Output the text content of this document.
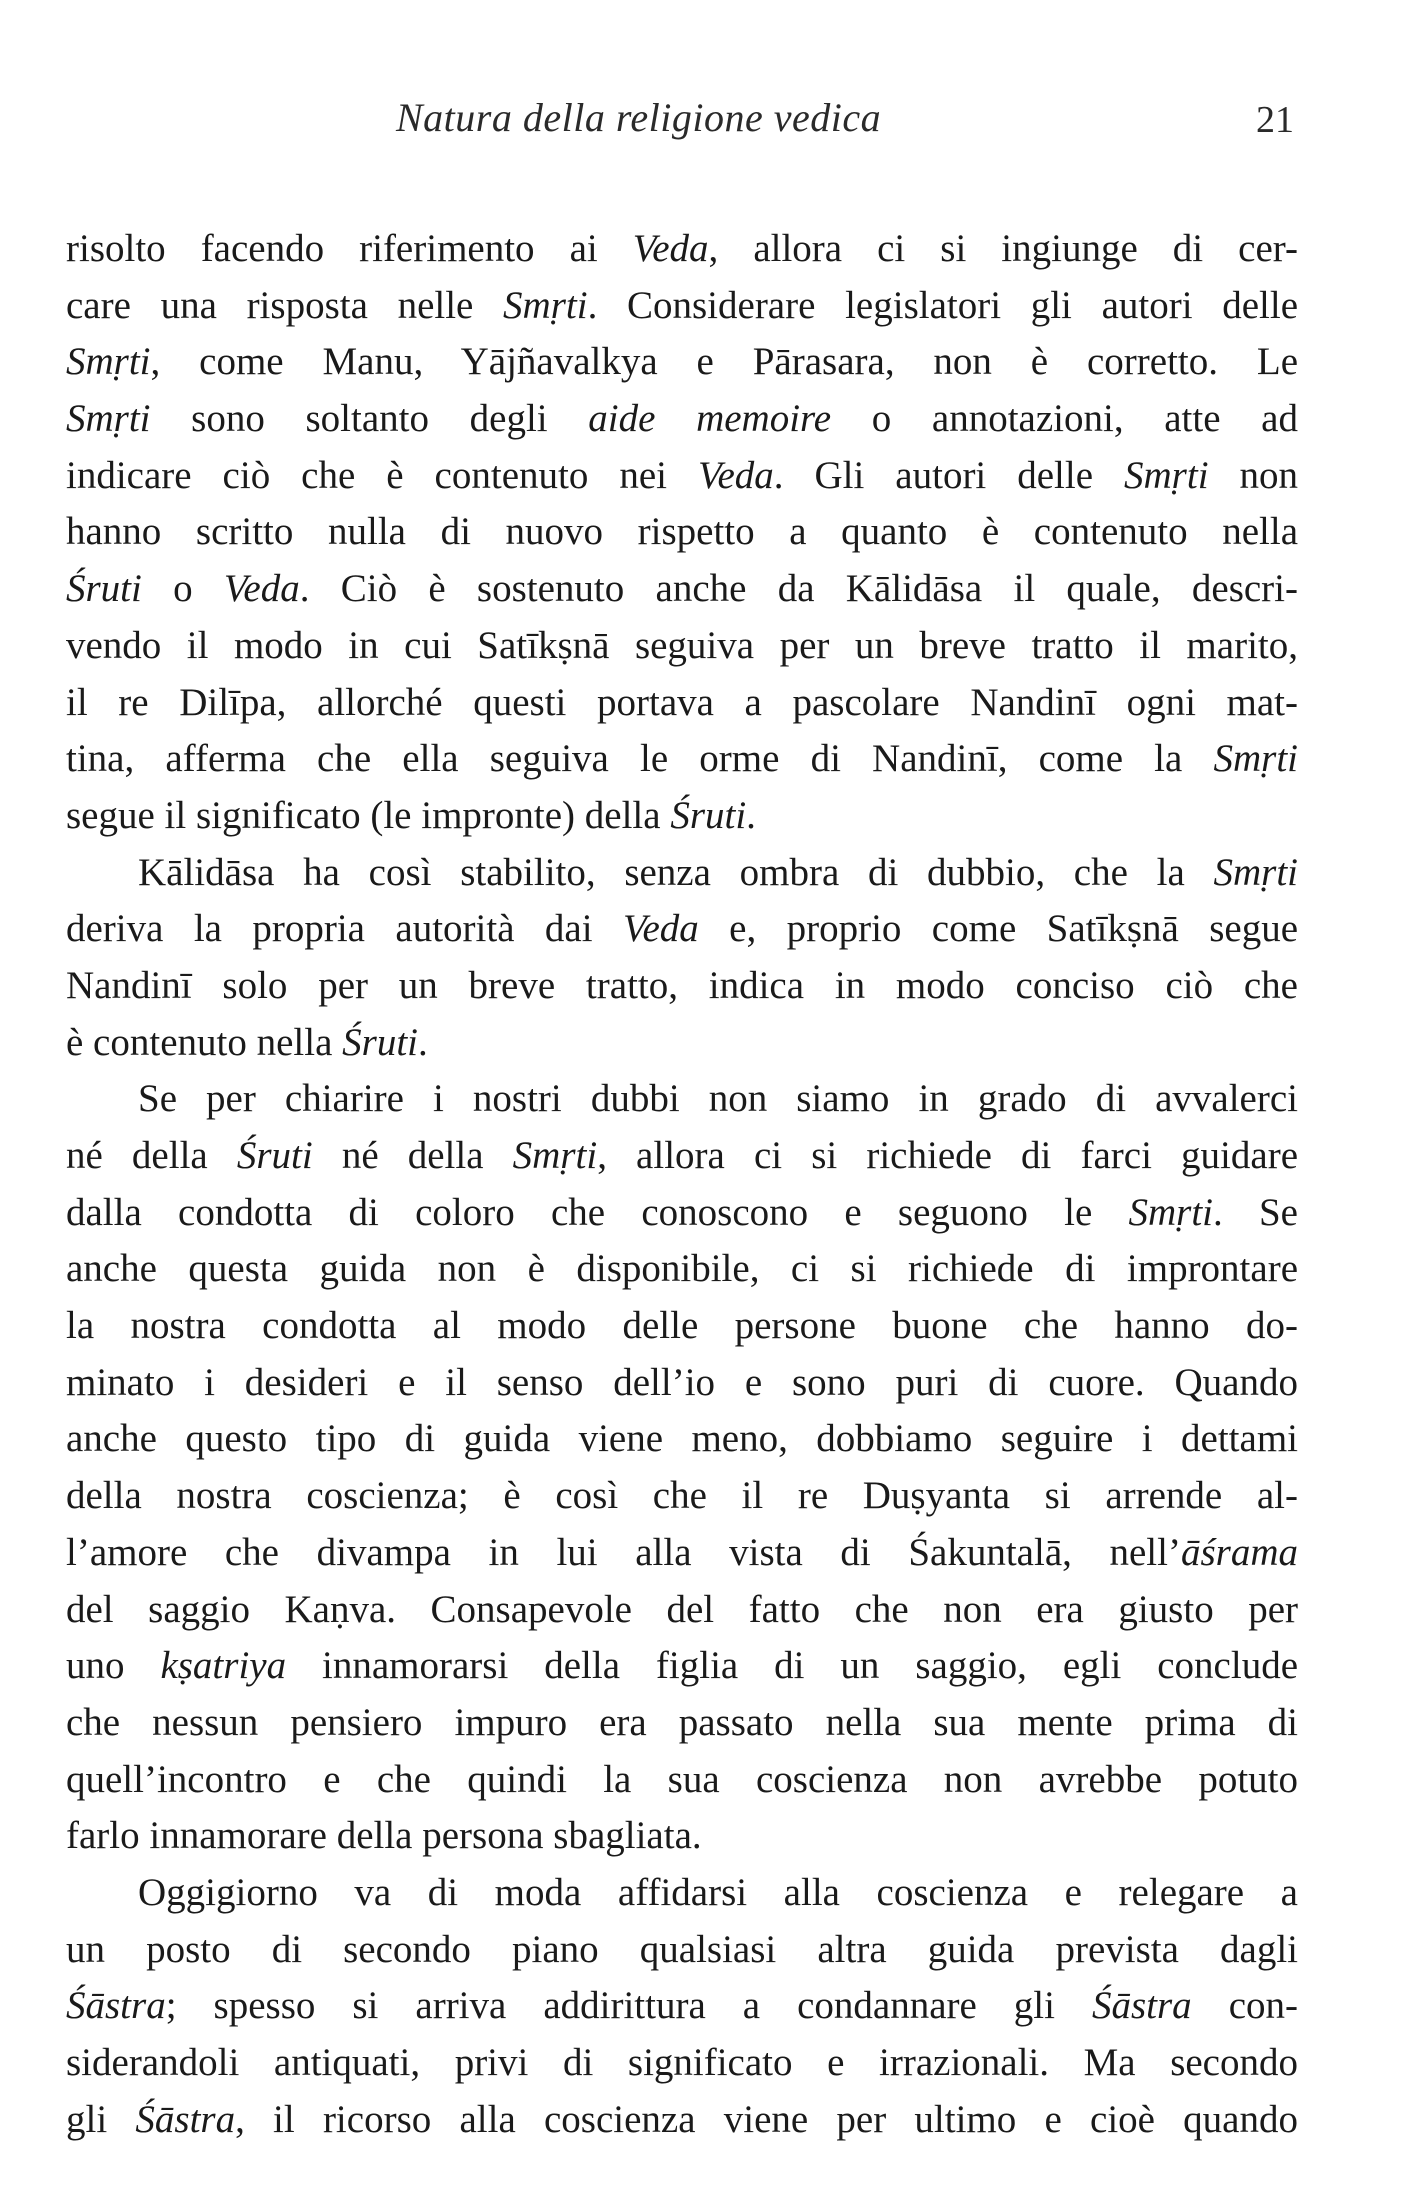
Natura della religione vedica	21
risolto facendo riferimento ai Veda, allora ci si ingiunge di cer-
care una risposta nelle Smṛti. Considerare legislatori gli autori delle
Smṛti, come Manu, Yājñavalkya e Pārasara, non è corretto. Le
Smṛti sono soltanto degli aide memoire o annotazioni, atte ad
indicare ciò che è contenuto nei Veda. Gli autori delle Smṛti non
hanno scritto nulla di nuovo rispetto a quanto è contenuto nella
Śruti o Veda. Ciò è sostenuto anche da Kālidāsa il quale, descri-
vendo il modo in cui Satīkṣnā seguiva per un breve tratto il marito,
il re Dilīpa, allorché questi portava a pascolare Nandinī ogni mat-
tina, afferma che ella seguiva le orme di Nandinī, come la Smṛti
segue il significato (le impronte) della Śruti.
Kālidāsa ha così stabilito, senza ombra di dubbio, che la Smṛti
deriva la propria autorità dai Veda e, proprio come Satīkṣnā segue
Nandinī solo per un breve tratto, indica in modo conciso ciò che
è contenuto nella Śruti.
Se per chiarire i nostri dubbi non siamo in grado di avvalerci
né della Śruti né della Smṛti, allora ci si richiede di farci guidare
dalla condotta di coloro che conoscono e seguono le Smṛti. Se
anche questa guida non è disponibile, ci si richiede di improntare
la nostra condotta al modo delle persone buone che hanno do-
minato i desideri e il senso dell’io e sono puri di cuore. Quando
anche questo tipo di guida viene meno, dobbiamo seguire i dettami
della nostra coscienza; è così che il re Duṣyanta si arrende al-
l’amore che divampa in lui alla vista di Śakuntalā, nell’āśrama
del saggio Kaṇva. Consapevole del fatto che non era giusto per
uno kṣatriya innamorarsi della figlia di un saggio, egli conclude
che nessun pensiero impuro era passato nella sua mente prima di
quell’incontro e che quindi la sua coscienza non avrebbe potuto
farlo innamorare della persona sbagliata.
Oggigiorno va di moda affidarsi alla coscienza e relegare a
un posto di secondo piano qualsiasi altra guida prevista dagli
Śāstra; spesso si arriva addirittura a condannare gli Śāstra con-
siderandoli antiquati, privi di significato e irrazionali. Ma secondo
gli Śāstra, il ricorso alla coscienza viene per ultimo e cioè quando
